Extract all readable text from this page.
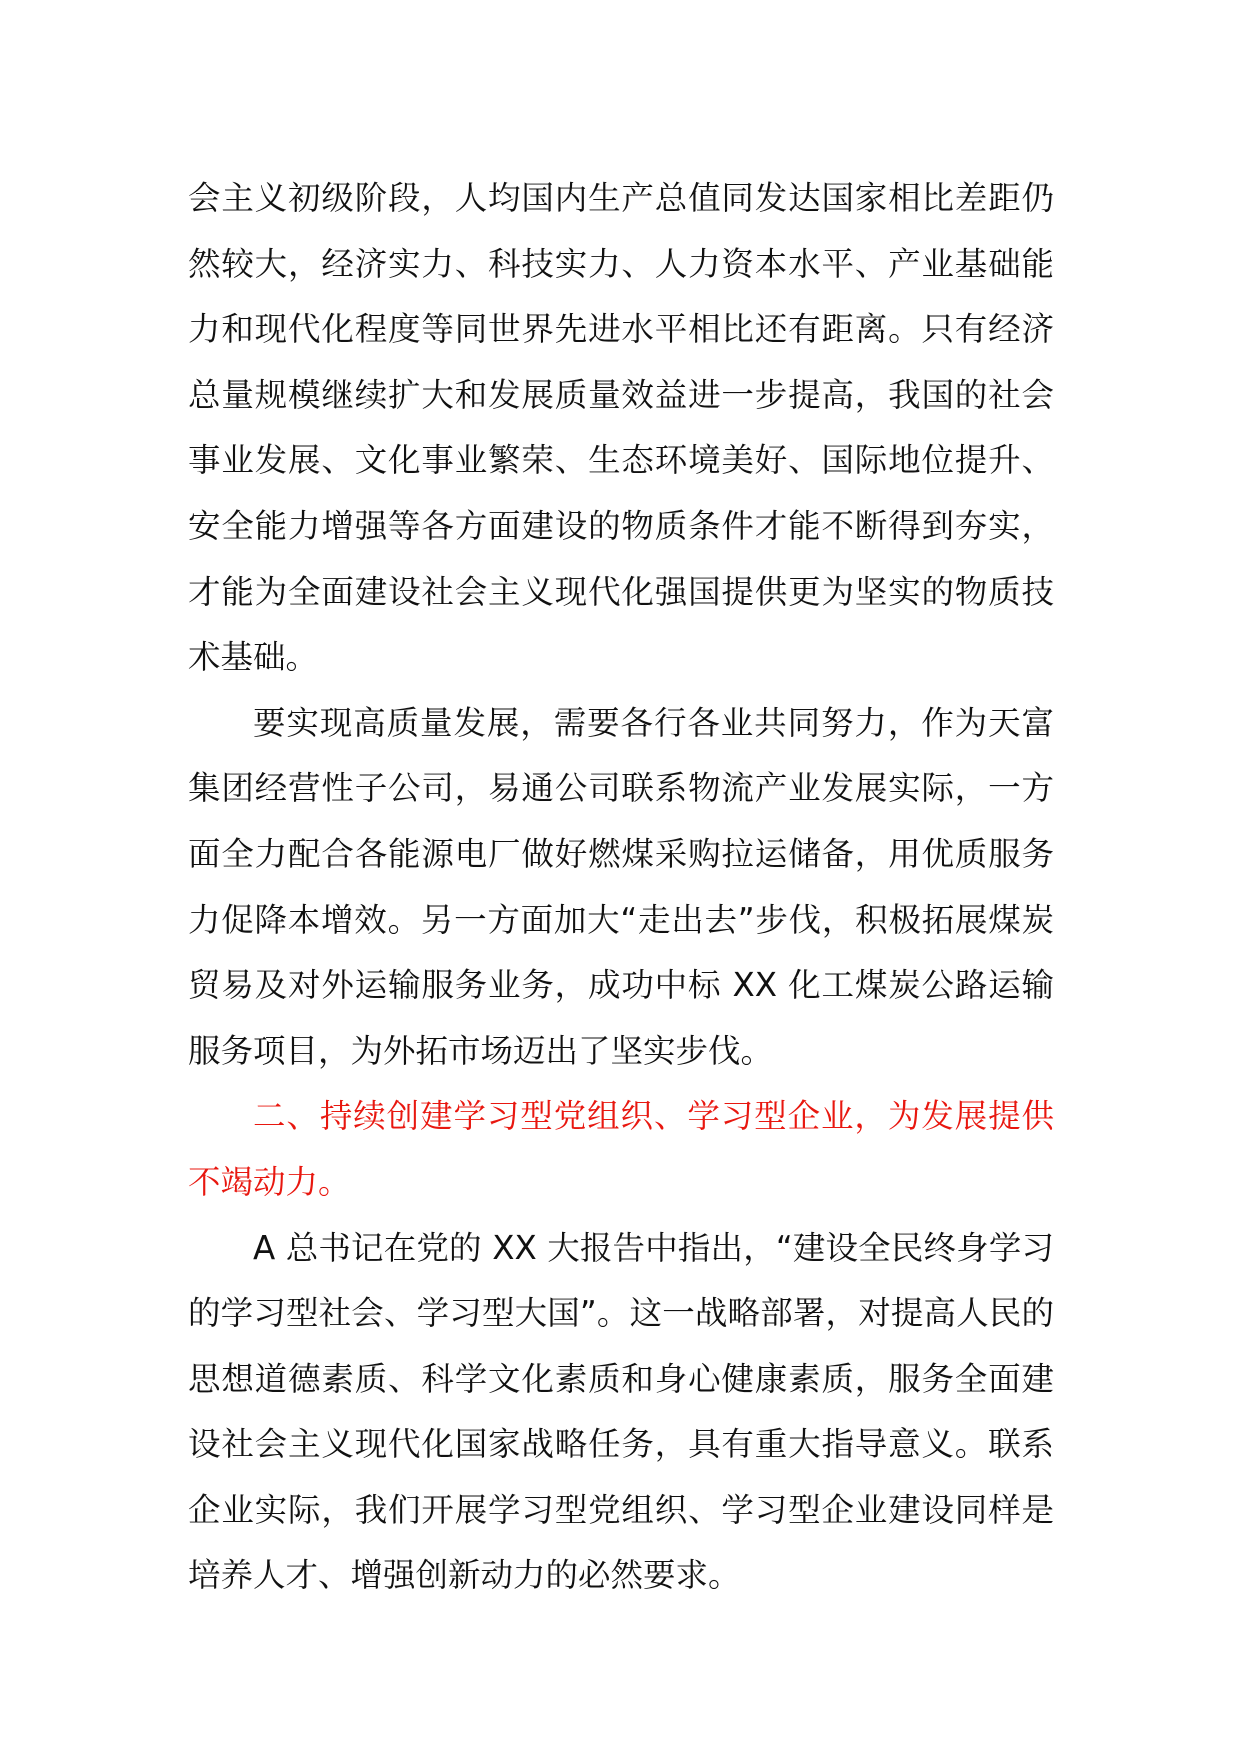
会主义初级阶段，人均国内生产总值同发达国家相比差距仍然较大，经济实力、科技实力、人力资本水平、产业基础能力和现代化程度等同世界先进水平相比还有距离。只有经济总量规模继续扩大和发展质量效益进一步提高，我国的社会事业发展、文化事业繁荣、生态环境美好、国际地位提升、安全能力增强等各方面建设的物质条件才能不断得到夯实，才能为全面建设社会主义现代化强国提供更为坚实的物质技术基础。

要实现高质量发展，需要各行各业共同努力，作为天富集团经营性子公司，易通公司联系物流产业发展实际，一方面全力配合各能源电厂做好燃煤采购拉运储备，用优质服务力促降本增效。另一方面加大“走出去”步伐，积极拓展煤炭贸易及对外运输服务业务，成功中标 XX 化工煤炭公路运输服务项目，为外拓市场迈出了坚实步伐。

二、持续创建学习型党组织、学习型企业，为发展提供不竭动力。

A 总书记在党的 XX 大报告中指出，“建设全民终身学习的学习型社会、学习型大国”。这一战略部署，对提高人民的思想道德素质、科学文化素质和身心健康素质，服务全面建设社会主义现代化国家战略任务，具有重大指导意义。联系企业实际，我们开展学习型党组织、学习型企业建设同样是培养人才、增强创新动力的必然要求。
